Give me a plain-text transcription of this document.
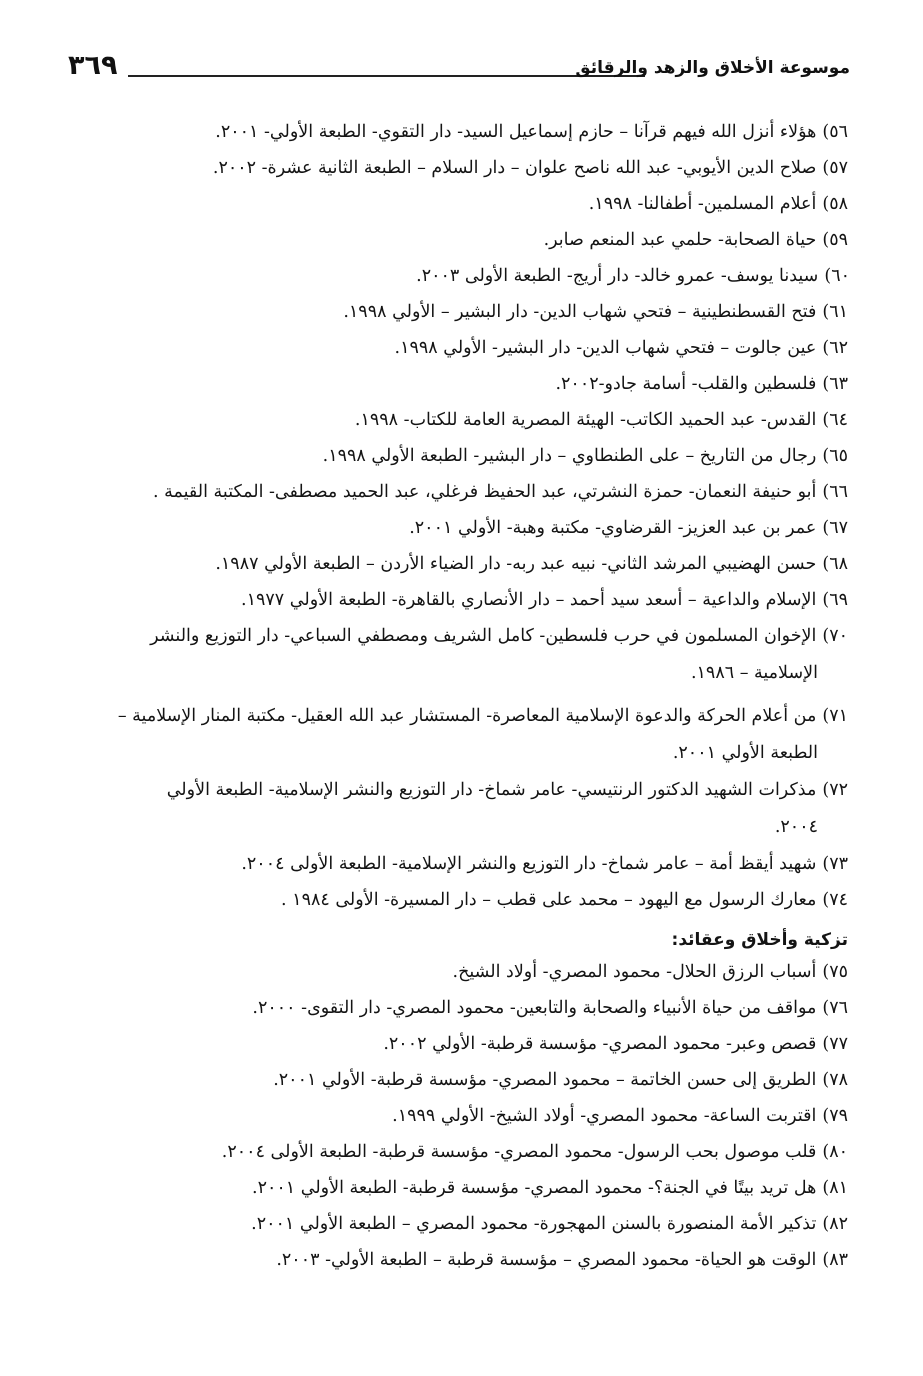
٣٦٩	موسوعة الأخلاق والزهد والرقائق
٥٦)هؤلاء أنزل الله فيهم قرآنا – حازم إسماعيل السيد- دار التقوي- الطبعة الأولي- ٢٠٠١.
٥٧)صلاح الدين الأيوبي- عبد الله ناصح علوان – دار السلام – الطبعة الثانية عشرة- ٢٠٠٢.
٥٨)أعلام المسلمين- أطفالنا- ١٩٩٨.
٥٩)حياة الصحابة- حلمي عبد المنعم صابر.
٦٠)سيدنا يوسف- عمرو خالد- دار أريج- الطبعة الأولى ٢٠٠٣.
٦١)فتح القسطنطينية – فتحي شهاب الدين- دار البشير – الأولي ١٩٩٨.
٦٢)عين جالوت – فتحي شهاب الدين- دار البشير- الأولي ١٩٩٨.
٦٣)فلسطين والقلب- أسامة جادو-٢٠٠٢.
٦٤)القدس- عبد الحميد الكاتب- الهيئة المصرية العامة للكتاب- ١٩٩٨.
٦٥)رجال من التاريخ – على الطنطاوي – دار البشير- الطبعة الأولي ١٩٩٨.
٦٦)أبو حنيفة النعمان- حمزة النشرتي، عبد الحفيظ فرغلي، عبد الحميد مصطفى- المكتبة القيمة .
٦٧)عمر بن عبد العزيز- القرضاوي- مكتبة وهبة- الأولي ٢٠٠١.
٦٨)حسن الهضيبي المرشد الثاني- نبيه عبد ربه- دار الضياء الأردن – الطبعة الأولي ١٩٨٧.
٦٩)الإسلام والداعية – أسعد سيد أحمد – دار الأنصاري بالقاهرة- الطبعة الأولي ١٩٧٧.
٧٠)الإخوان المسلمون في حرب فلسطين- كامل الشريف ومصطفي السباعي- دار التوزيع والنشر
الإسلامية – ١٩٨٦.
٧١)من أعلام الحركة والدعوة الإسلامية المعاصرة- المستشار عبد الله العقيل- مكتبة المنار الإسلامية –
الطبعة الأولي ٢٠٠١.
٧٢)مذكرات الشهيد الدكتور الرنتيسي- عامر شماخ- دار التوزيع والنشر الإسلامية- الطبعة الأولي
٢٠٠٤.
٧٣)شهيد أيقظ أمة – عامر شماخ- دار التوزيع والنشر الإسلامية- الطبعة الأولى ٢٠٠٤.
٧٤)معارك الرسول مع اليهود – محمد على قطب – دار المسيرة- الأولى ١٩٨٤ .
تزكية وأخلاق وعقائد:
٧٥)أسباب الرزق الحلال- محمود المصري- أولاد الشيخ.
٧٦)مواقف من حياة الأنبياء والصحابة والتابعين- محمود المصري- دار التقوى- ٢٠٠٠.
٧٧)قصص وعبر- محمود المصري- مؤسسة قرطبة- الأولي ٢٠٠٢.
٧٨)الطريق إلى حسن الخاتمة – محمود المصري- مؤسسة قرطبة- الأولي ٢٠٠١.
٧٩)اقتربت الساعة- محمود المصري- أولاد الشيخ- الأولي ١٩٩٩.
٨٠)قلب موصول بحب الرسول- محمود المصري- مؤسسة قرطبة- الطبعة الأولى ٢٠٠٤.
٨١)هل تريد بيتًا في الجنة؟- محمود المصري- مؤسسة قرطبة- الطبعة الأولي ٢٠٠١.
٨٢)تذكير الأمة المنصورة بالسنن المهجورة- محمود المصري – الطبعة الأولي ٢٠٠١.
٨٣)الوقت هو الحياة- محمود المصري – مؤسسة قرطبة – الطبعة الأولي- ٢٠٠٣.
